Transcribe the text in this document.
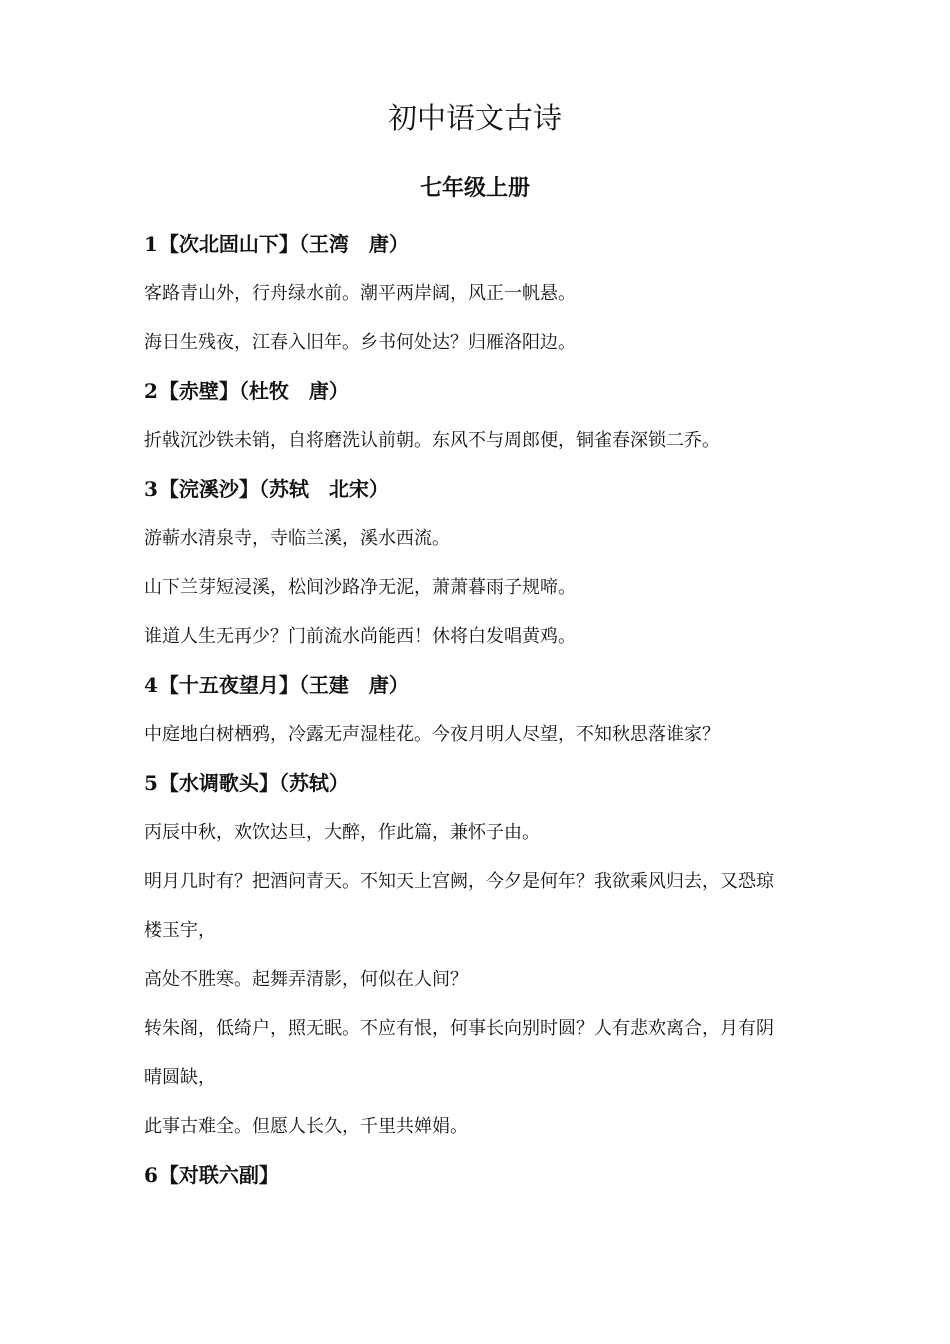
初中语文古诗
七年级上册
1【次北固山下】（王湾　唐）
客路青山外，行舟绿水前。潮平两岸阔，风正一帆悬。
海日生残夜，江春入旧年。乡书何处达？归雁洛阳边。
2【赤壁】（杜牧　唐）
折戟沉沙铁未销，自将磨洗认前朝。东风不与周郎便，铜雀春深锁二乔。
3【浣溪沙】（苏轼　北宋）
游蕲水清泉寺，寺临兰溪，溪水西流。
山下兰芽短浸溪，松间沙路净无泥，萧萧暮雨子规啼。
谁道人生无再少？门前流水尚能西！休将白发唱黄鸡。
4【十五夜望月】（王建　唐）
中庭地白树栖鸦，冷露无声湿桂花。今夜月明人尽望，不知秋思落谁家？
5【水调歌头】（苏轼）
丙辰中秋，欢饮达旦，大醉，作此篇，兼怀子由。
明月几时有？把酒问青天。不知天上宫阙，今夕是何年？我欲乘风归去，又恐琼
楼玉宇，
高处不胜寒。起舞弄清影，何似在人间？
转朱阁，低绮户，照无眠。不应有恨，何事长向别时圆？人有悲欢离合，月有阴
晴圆缺，
此事古难全。但愿人长久，千里共婵娟。
6【对联六副】
